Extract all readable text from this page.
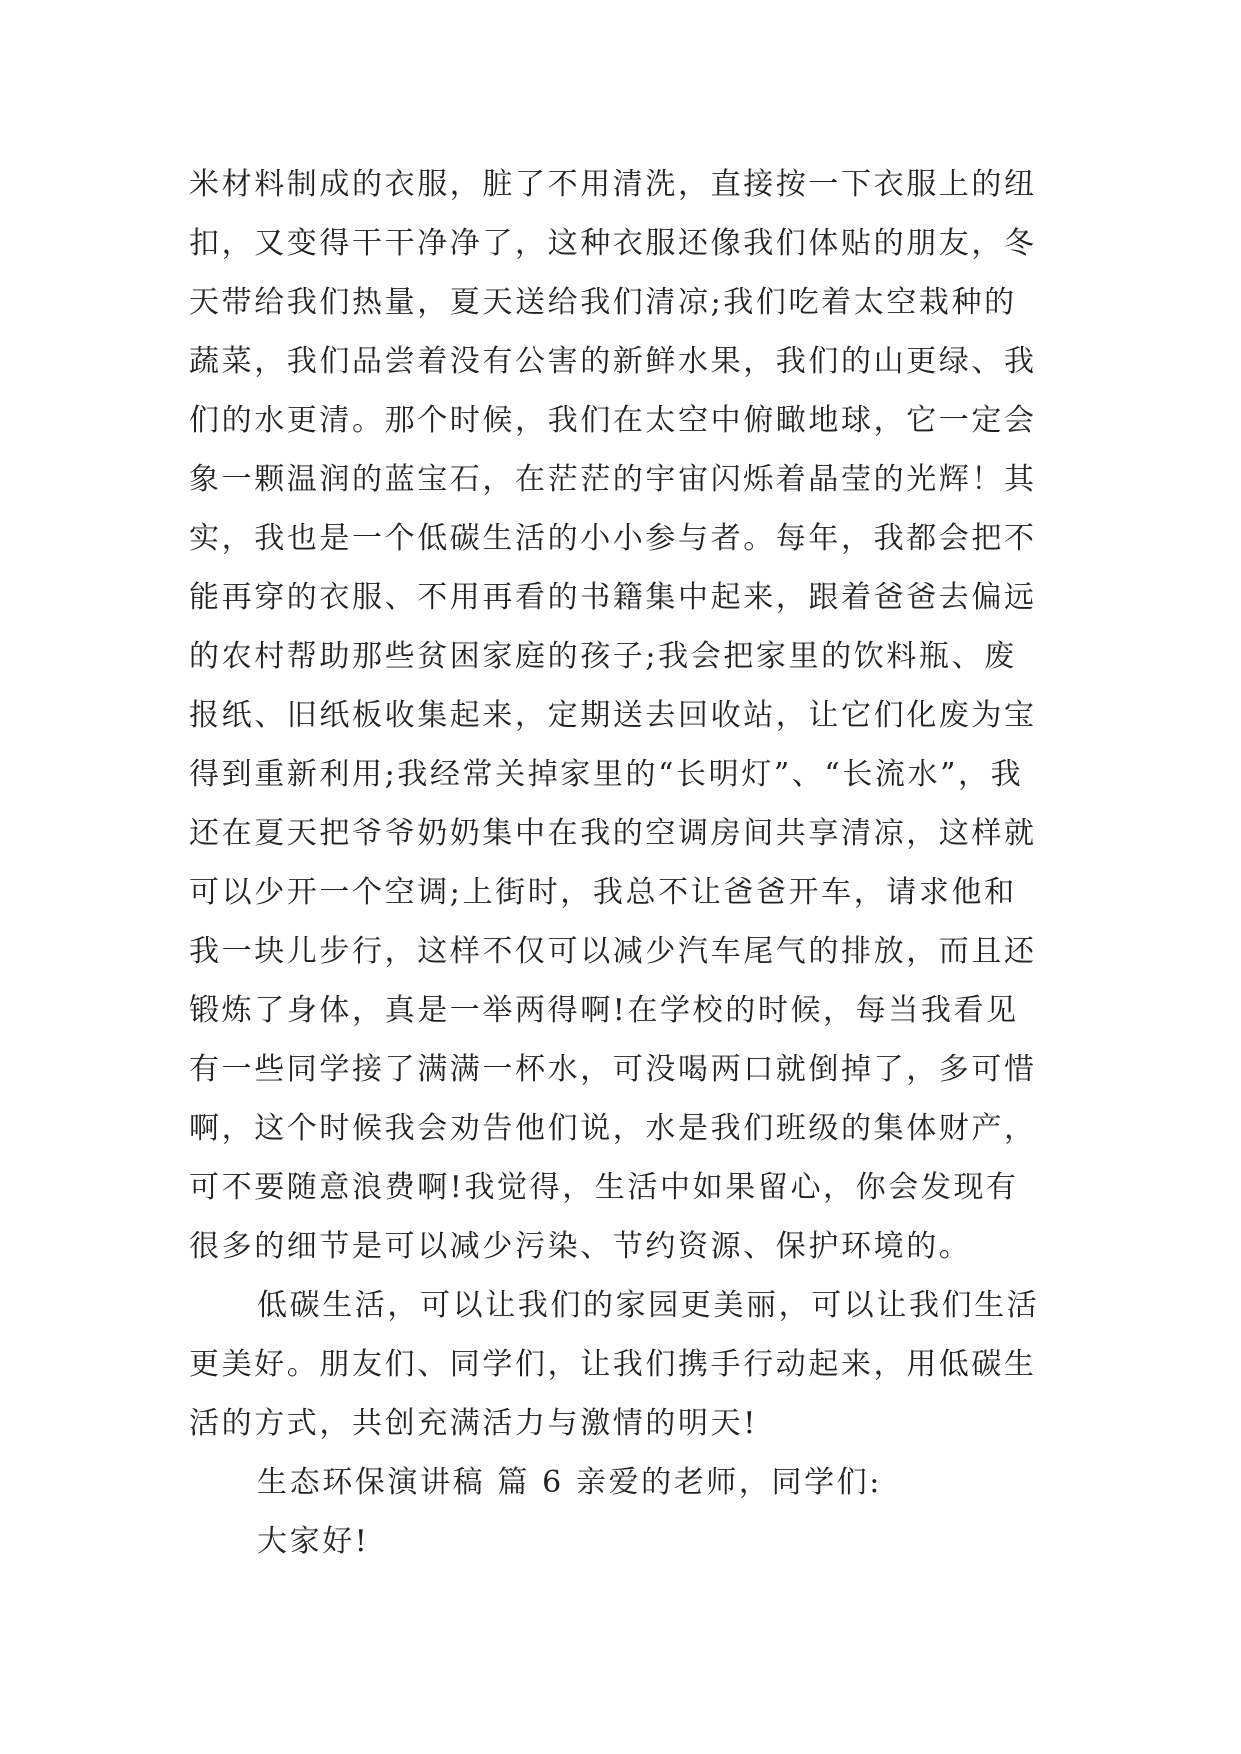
米材料制成的衣服，脏了不用清洗，直接按一下衣服上的纽
扣，又变得干干净净了，这种衣服还像我们体贴的朋友，冬
天带给我们热量，夏天送给我们清凉;我们吃着太空栽种的
蔬菜，我们品尝着没有公害的新鲜水果，我们的山更绿、我
们的水更清。那个时候，我们在太空中俯瞰地球，它一定会
象一颗温润的蓝宝石，在茫茫的宇宙闪烁着晶莹的光辉！其
实，我也是一个低碳生活的小小参与者。每年，我都会把不
能再穿的衣服、不用再看的书籍集中起来，跟着爸爸去偏远
的农村帮助那些贫困家庭的孩子;我会把家里的饮料瓶、废
报纸、旧纸板收集起来，定期送去回收站，让它们化废为宝
得到重新利用;我经常关掉家里的“长明灯”、“长流水”，我
还在夏天把爷爷奶奶集中在我的空调房间共享清凉，这样就
可以少开一个空调;上街时，我总不让爸爸开车，请求他和
我一块儿步行，这样不仅可以减少汽车尾气的排放，而且还
锻炼了身体，真是一举两得啊!在学校的时候，每当我看见
有一些同学接了满满一杯水，可没喝两口就倒掉了，多可惜
啊，这个时候我会劝告他们说，水是我们班级的集体财产，
可不要随意浪费啊!我觉得，生活中如果留心，你会发现有
很多的细节是可以减少污染、节约资源、保护环境的。
低碳生活，可以让我们的家园更美丽，可以让我们生活
更美好。朋友们、同学们，让我们携手行动起来，用低碳生
活的方式，共创充满活力与激情的明天!
生态环保演讲稿 篇 6 亲爱的老师，同学们:
大家好!
